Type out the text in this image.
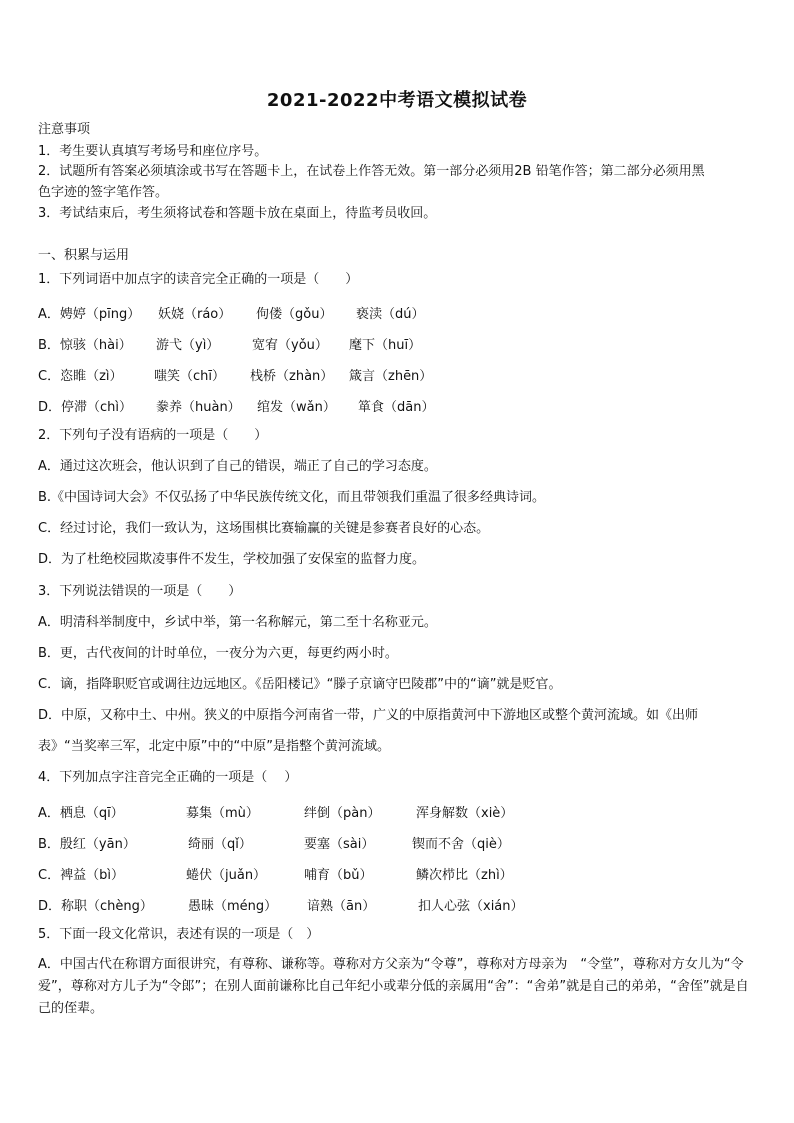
2021-2022中考语文模拟试卷
注意事项
1．考生要认真填写考场号和座位序号。
2．试题所有答案必须填涂或书写在答题卡上，在试卷上作答无效。第一部分必须用2B 铅笔作答；第二部分必须用黑
色字迹的签字笔作答。
3．考试结束后，考生须将试卷和答题卡放在桌面上，待监考员收回。
一、积累与运用
1．下列词语中加点字的读音完全正确的一项是（　　）
A．娉婷（pīng） 妖娆（ráo） 佝偻（gǒu） 亵渎（dú）
B．惊骇（hài） 游弋（yì）	宽宥（yǒu） 麾下（huī）
C．恣睢（zì） 嗤笑（chī） 栈桥（zhàn） 箴言（zhēn）
D．停滞（chì） 豢养（huàn） 绾发（wǎn） 箪食（dān）
2．下列句子没有语病的一项是（　　）
A．通过这次班会，他认识到了自己的错误，端正了自己的学习态度。
B.《中国诗词大会》不仅弘扬了中华民族传统文化，而且带领我们重温了很多经典诗词。
C．经过讨论，我们一致认为，这场围棋比赛输赢的关键是参赛者良好的心态。
D．为了杜绝校园欺凌事件不发生，学校加强了安保室的监督力度。
3．下列说法错误的一项是（　　）
A．明清科举制度中，乡试中举，第一名称解元，第二至十名称亚元。
B．更，古代夜间的计时单位，一夜分为六更，每更约两小时。
C．谪，指降职贬官或调往边远地区。《岳阳楼记》“滕子京谪守巴陵郡”中的“谪”就是贬官。
D．中原，又称中土、中州。狭义的中原指今河南省一带，广义的中原指黄河中下游地区或整个黄河流域。如《出师
表》“当奖率三军，北定中原”中的“中原”是指整个黄河流域。
4．下列加点字注音完全正确的一项是（　 ）
A．栖息（qī）	募集（mù）	绊倒（pàn）	浑身解数（xiè）
B．殷红（yān）	绮丽（qǐ）	要塞（sài）	锲而不舍（qiè）
C．裨益（bì）	蜷伏（juǎn）	哺育（bǔ）	鳞次栉比（zhì）
D．称职（chèng）	愚昧（méng） 谙熟（ān）	扣人心弦（xián）
5．下面一段文化常识，表述有误的一项是（　）
A．中国古代在称谓方面很讲究，有尊称、谦称等。尊称对方父亲为“令尊”，尊称对方母亲为　“令堂”，尊称对方女儿为“令爱”，尊称对方儿子为“令郎”；在别人面前谦称比自己年纪小或辈分低的亲属用“舍”：“舍弟”就是自己的弟弟，“舍侄”就是自己的侄辈。
